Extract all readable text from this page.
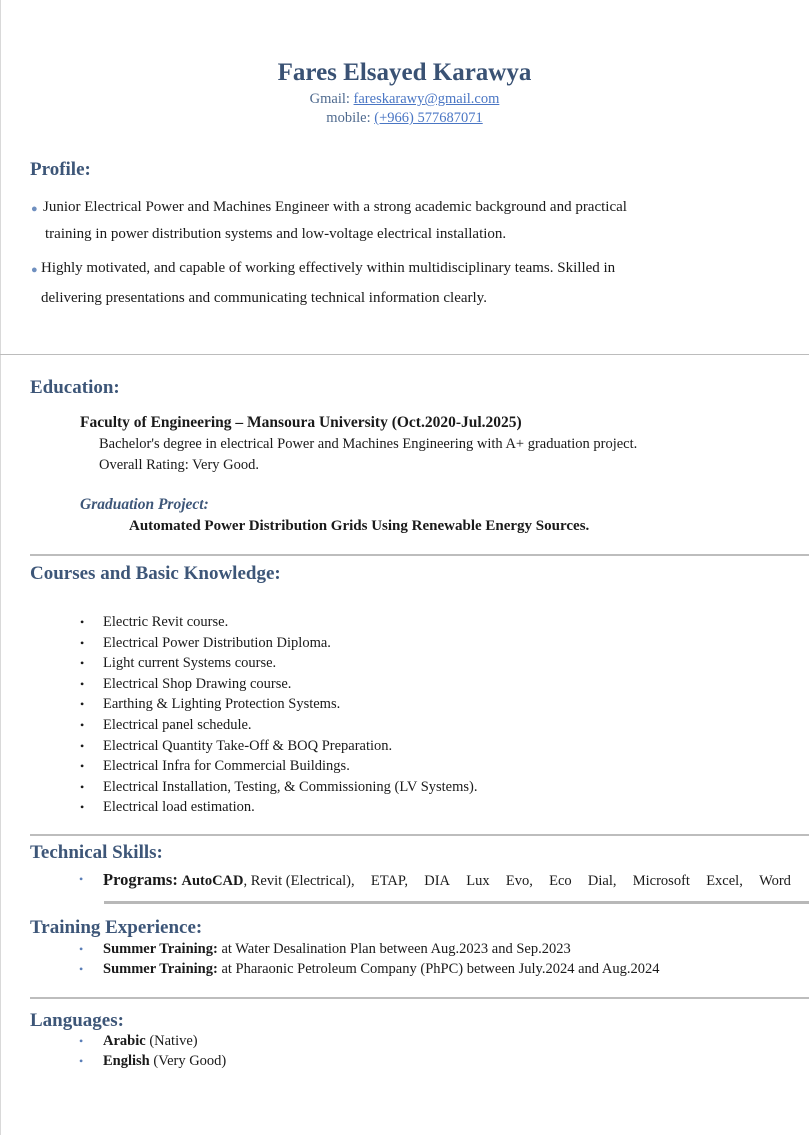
Fares Elsayed Karawya
Gmail: fareskarawy@gmail.com
mobile: (+966) 577687071
Profile:
● Junior Electrical Power and Machines Engineer with a strong academic background and practical
training in power distribution systems and low-voltage electrical installation.
● Highly motivated, and capable of working effectively within multidisciplinary teams. Skilled in
delivering presentations and communicating technical information clearly.
Education:
Faculty of Engineering – Mansoura University (Oct.2020-Jul.2025)
Bachelor's degree in electrical Power and Machines Engineering with A+ graduation project.
Overall Rating: Very Good.
Graduation Project:
Automated Power Distribution Grids Using Renewable Energy Sources.
Courses and Basic Knowledge:
• Electric Revit course.
• Electrical Power Distribution Diploma.
• Light current Systems course.
• Electrical Shop Drawing course.
• Earthing & Lighting Protection Systems.
• Electrical panel schedule.
• Electrical Quantity Take-Off & BOQ Preparation.
• Electrical Infra for Commercial Buildings.
• Electrical Installation, Testing, & Commissioning (LV Systems).
• Electrical load estimation.
Technical Skills:
• Programs: AutoCAD, Revit (Electrical), ETAP, DIA Lux Evo, Eco Dial, Microsoft Excel, Word
Training Experience:
• Summer Training: at Water Desalination Plan between Aug.2023 and Sep.2023
• Summer Training: at Pharaonic Petroleum Company (PhPC) between July.2024 and Aug.2024
Languages:
• Arabic (Native)
• English (Very Good)
